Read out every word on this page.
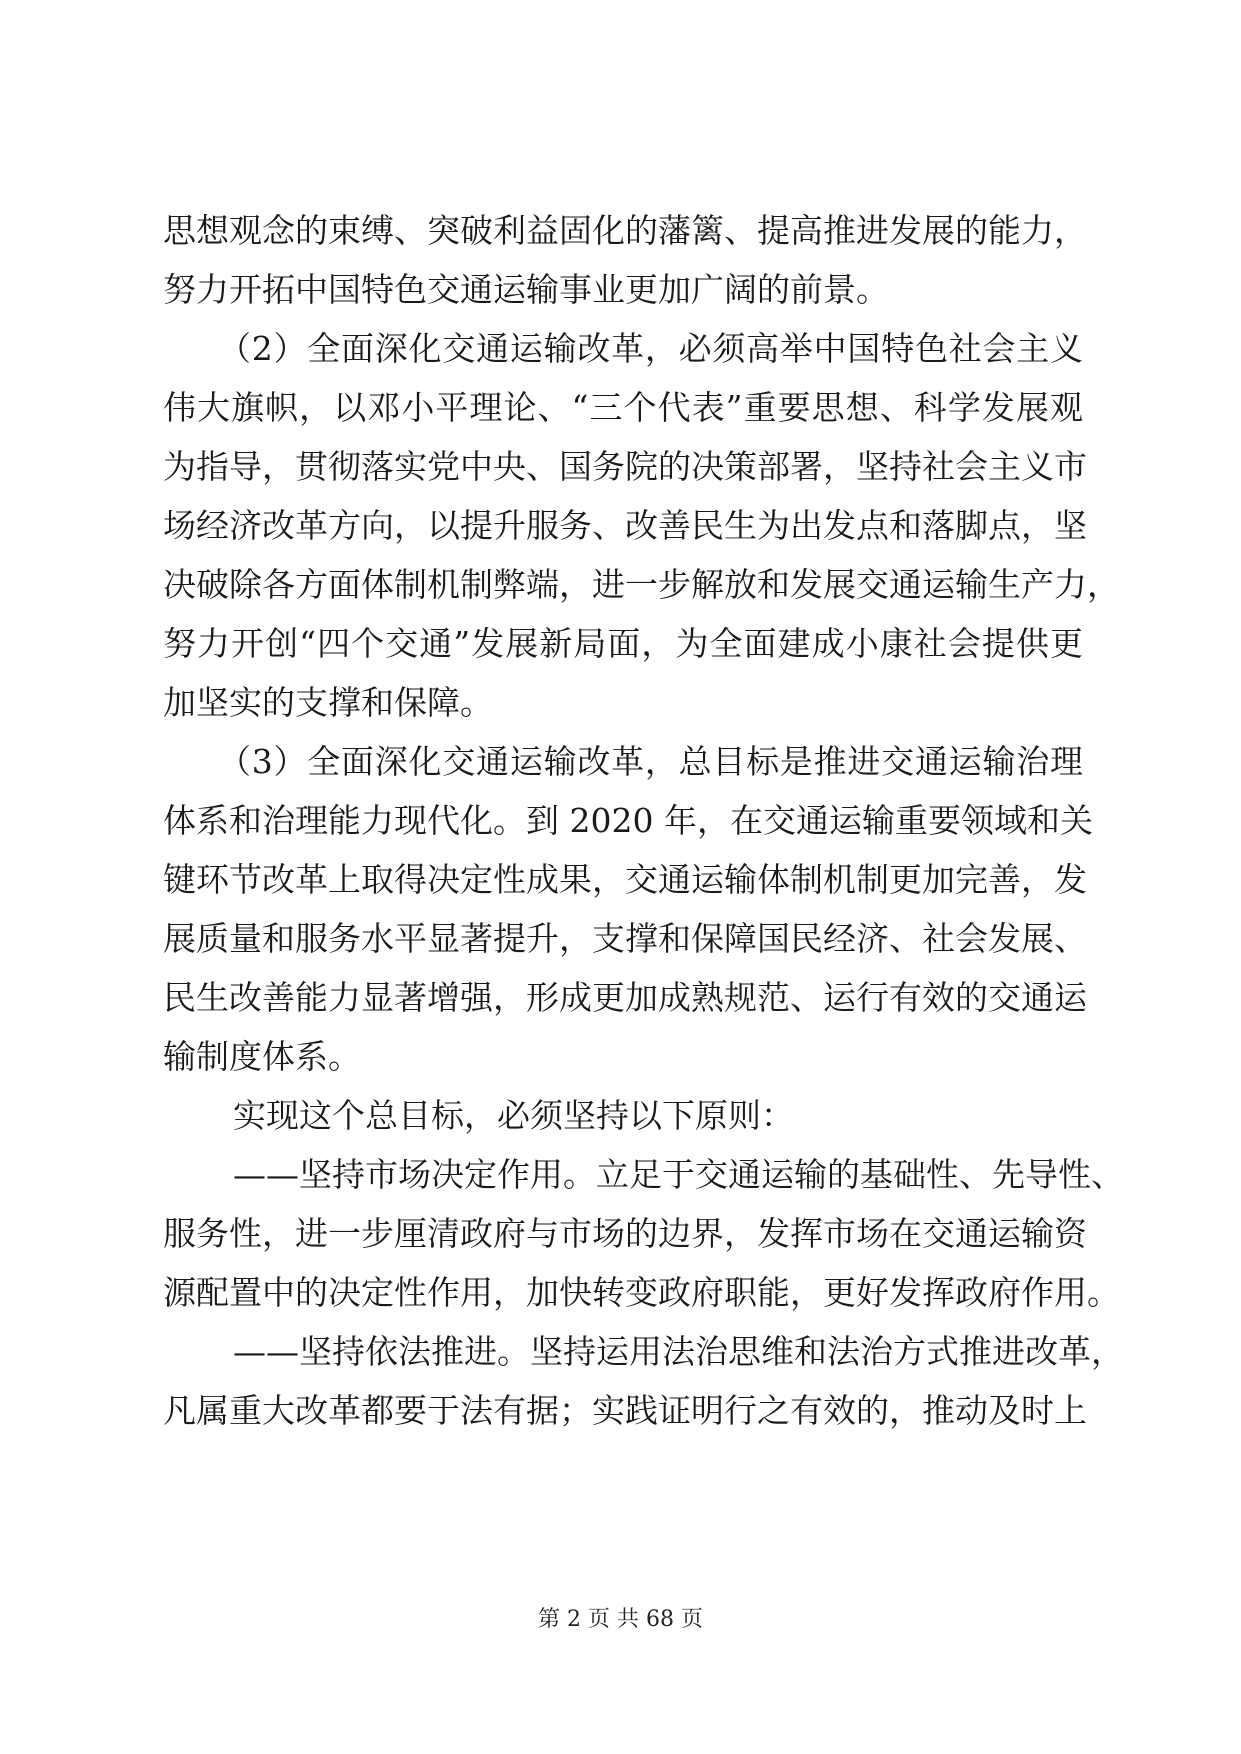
思想观念的束缚、突破利益固化的藩篱、提高推进发展的能力，
努力开拓中国特色交通运输事业更加广阔的前景。
（2）全面深化交通运输改革，必须高举中国特色社会主义
伟大旗帜，以邓小平理论、“三个代表”重要思想、科学发展观
为指导，贯彻落实党中央、国务院的决策部署，坚持社会主义市
场经济改革方向，以提升服务、改善民生为出发点和落脚点，坚
决破除各方面体制机制弊端，进一步解放和发展交通运输生产力，
努力开创“四个交通”发展新局面，为全面建成小康社会提供更
加坚实的支撑和保障。
（3）全面深化交通运输改革，总目标是推进交通运输治理
体系和治理能力现代化。到 2020 年，在交通运输重要领域和关
键环节改革上取得决定性成果，交通运输体制机制更加完善，发
展质量和服务水平显著提升，支撑和保障国民经济、社会发展、
民生改善能力显著增强，形成更加成熟规范、运行有效的交通运
输制度体系。
实现这个总目标，必须坚持以下原则：
——坚持市场决定作用。立足于交通运输的基础性、先导性、
服务性，进一步厘清政府与市场的边界，发挥市场在交通运输资
源配置中的决定性作用，加快转变政府职能，更好发挥政府作用。
——坚持依法推进。坚持运用法治思维和法治方式推进改革，
凡属重大改革都要于法有据；实践证明行之有效的，推动及时上
第 2 页 共 68 页
